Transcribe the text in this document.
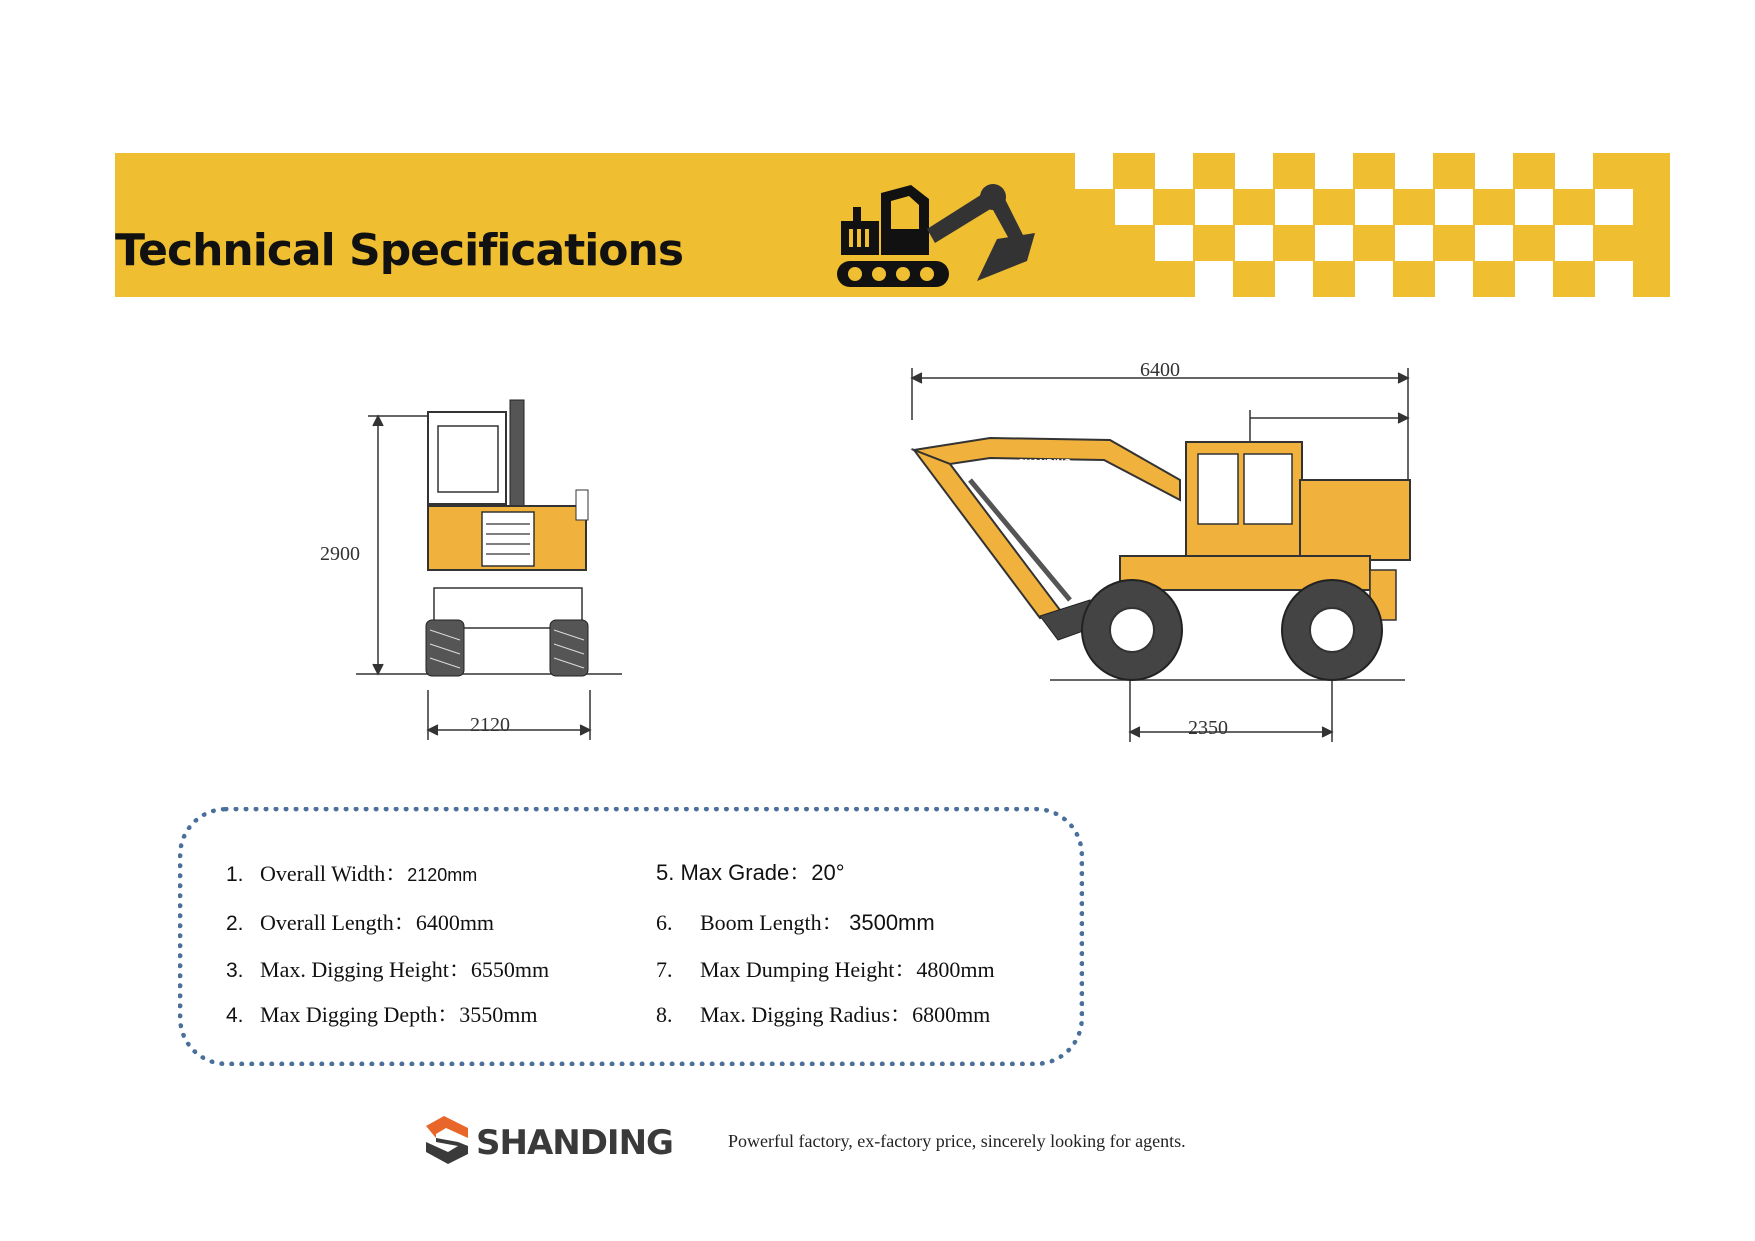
Technical Specifications
2900
2120
SHANDING
6400
2350
1. Overall Width：2120mm
2. Overall Length：6400mm
3. Max. Digging Height：6550mm
4. Max Digging Depth：3550mm
5. Max Grade：20°
6. Boom Length： 3500mm
7. Max Dumping Height：4800mm
8. Max. Digging Radius：6800mm
SHANDING	Powerful factory, ex-factory price, sincerely looking for agents.
